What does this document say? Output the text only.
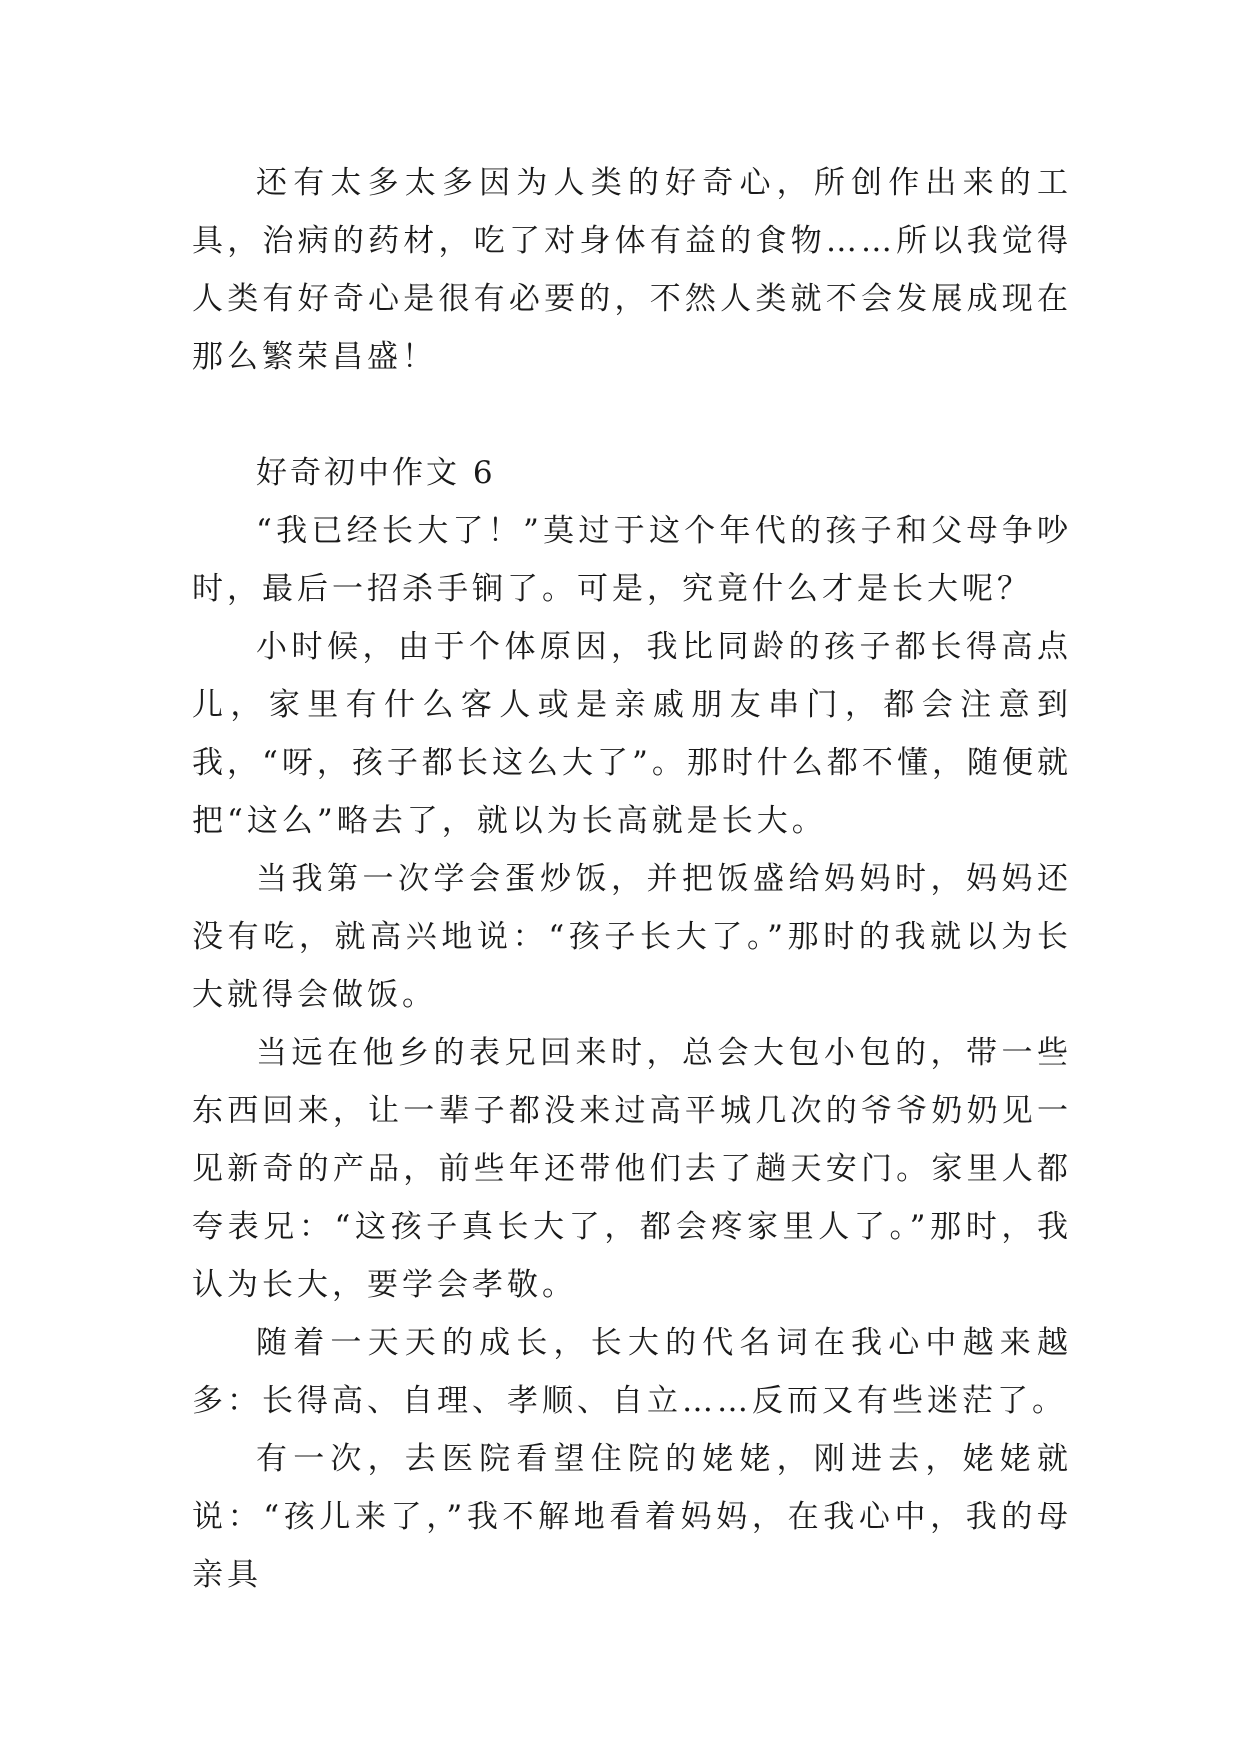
还有太多太多因为人类的好奇心，所创作出来的工具，治病的药材，吃了对身体有益的食物……所以我觉得人类有好奇心是很有必要的，不然人类就不会发展成现在那么繁荣昌盛！

好奇初中作文 6

“我已经长大了！”莫过于这个年代的孩子和父母争吵时，最后一招杀手锏了。可是，究竟什么才是长大呢？

小时候，由于个体原因，我比同龄的孩子都长得高点儿，家里有什么客人或是亲戚朋友串门，都会注意到我，“呀，孩子都长这么大了”。那时什么都不懂，随便就把“这么”略去了，就以为长高就是长大。

当我第一次学会蛋炒饭，并把饭盛给妈妈时，妈妈还没有吃，就高兴地说：“孩子长大了。”那时的我就以为长大就得会做饭。

当远在他乡的表兄回来时，总会大包小包的，带一些东西回来，让一辈子都没来过高平城几次的爷爷奶奶见一见新奇的产品，前些年还带他们去了趟天安门。家里人都夸表兄：“这孩子真长大了，都会疼家里人了。”那时，我认为长大，要学会孝敬。

随着一天天的成长，长大的代名词在我心中越来越多：长得高、自理、孝顺、自立……反而又有些迷茫了。

有一次，去医院看望住院的姥姥，刚进去，姥姥就说：“孩儿来了，”我不解地看着妈妈，在我心中，我的母亲具
